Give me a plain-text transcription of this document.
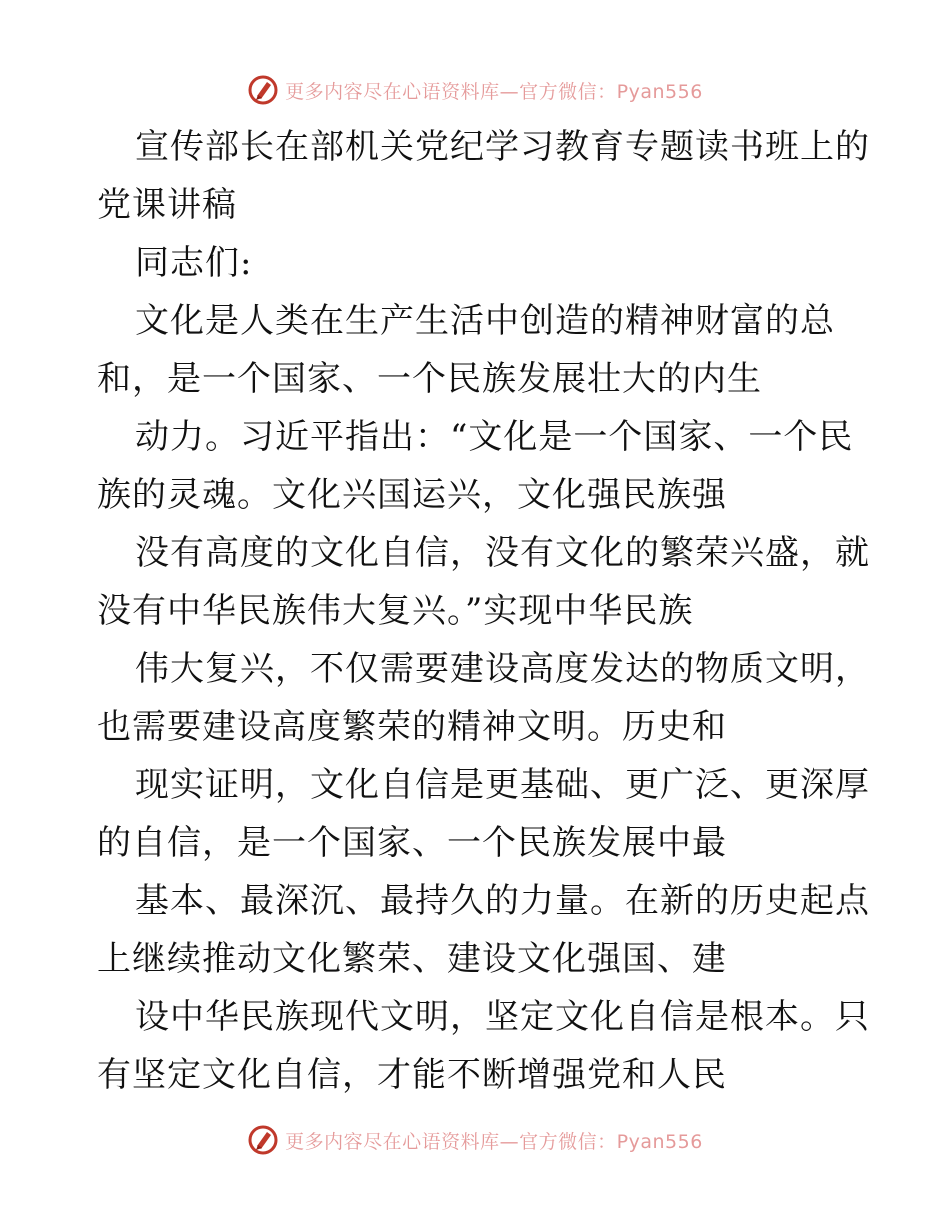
更多内容尽在心语资料库—官方微信：Pyan556
宣传部长在部机关党纪学习教育专题读书班上的
党课讲稿
同志们:
文化是人类在生产生活中创造的精神财富的总
和，是一个国家、一个民族发展壮大的内生
动力。习近平指出：“文化是一个国家、一个民
族的灵魂。文化兴国运兴，文化强民族强
没有高度的文化自信，没有文化的繁荣兴盛，就
没有中华民族伟大复兴。”实现中华民族
伟大复兴，不仅需要建设高度发达的物质文明，
也需要建设高度繁荣的精神文明。历史和
现实证明，文化自信是更基础、更广泛、更深厚
的自信，是一个国家、一个民族发展中最
基本、最深沉、最持久的力量。在新的历史起点
上继续推动文化繁荣、建设文化强国、建
设中华民族现代文明，坚定文化自信是根本。只
有坚定文化自信，才能不断增强党和人民
更多内容尽在心语资料库—官方微信：Pyan556
